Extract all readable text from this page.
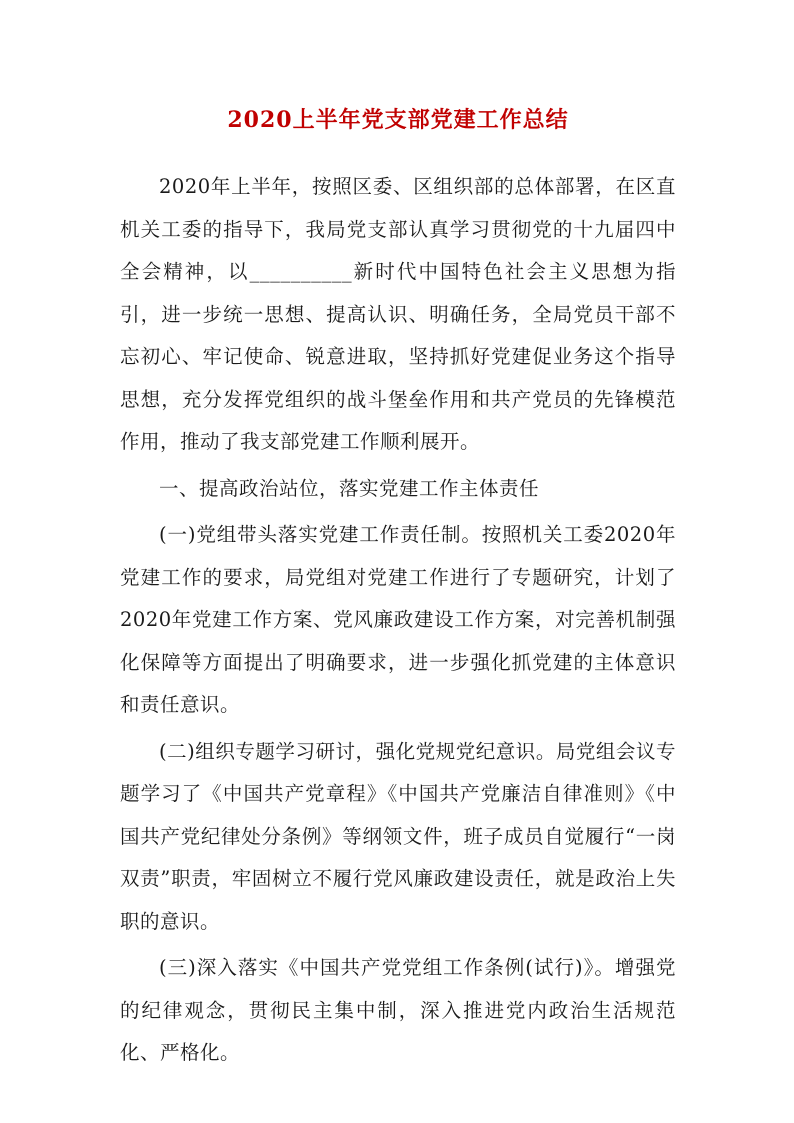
2020上半年党支部党建工作总结

2020年上半年，按照区委、区组织部的总体部署，在区直机关工委的指导下，我局党支部认真学习贯彻党的十九届四中全会精神，以__________新时代中国特色社会主义思想为指引，进一步统一思想、提高认识、明确任务，全局党员干部不忘初心、牢记使命、锐意进取，坚持抓好党建促业务这个指导思想，充分发挥党组织的战斗堡垒作用和共产党员的先锋模范作用，推动了我支部党建工作顺利展开。

一、提高政治站位，落实党建工作主体责任

(一)党组带头落实党建工作责任制。按照机关工委2020年党建工作的要求，局党组对党建工作进行了专题研究，计划了2020年党建工作方案、党风廉政建设工作方案，对完善机制强化保障等方面提出了明确要求，进一步强化抓党建的主体意识和责任意识。

(二)组织专题学习研讨，强化党规党纪意识。局党组会议专题学习了《中国共产党章程》《中国共产党廉洁自律准则》《中国共产党纪律处分条例》等纲领文件，班子成员自觉履行“一岗双责”职责，牢固树立不履行党风廉政建设责任，就是政治上失职的意识。

(三)深入落实《中国共产党党组工作条例(试行)》。增强党的纪律观念，贯彻民主集中制，深入推进党内政治生活规范化、严格化。
